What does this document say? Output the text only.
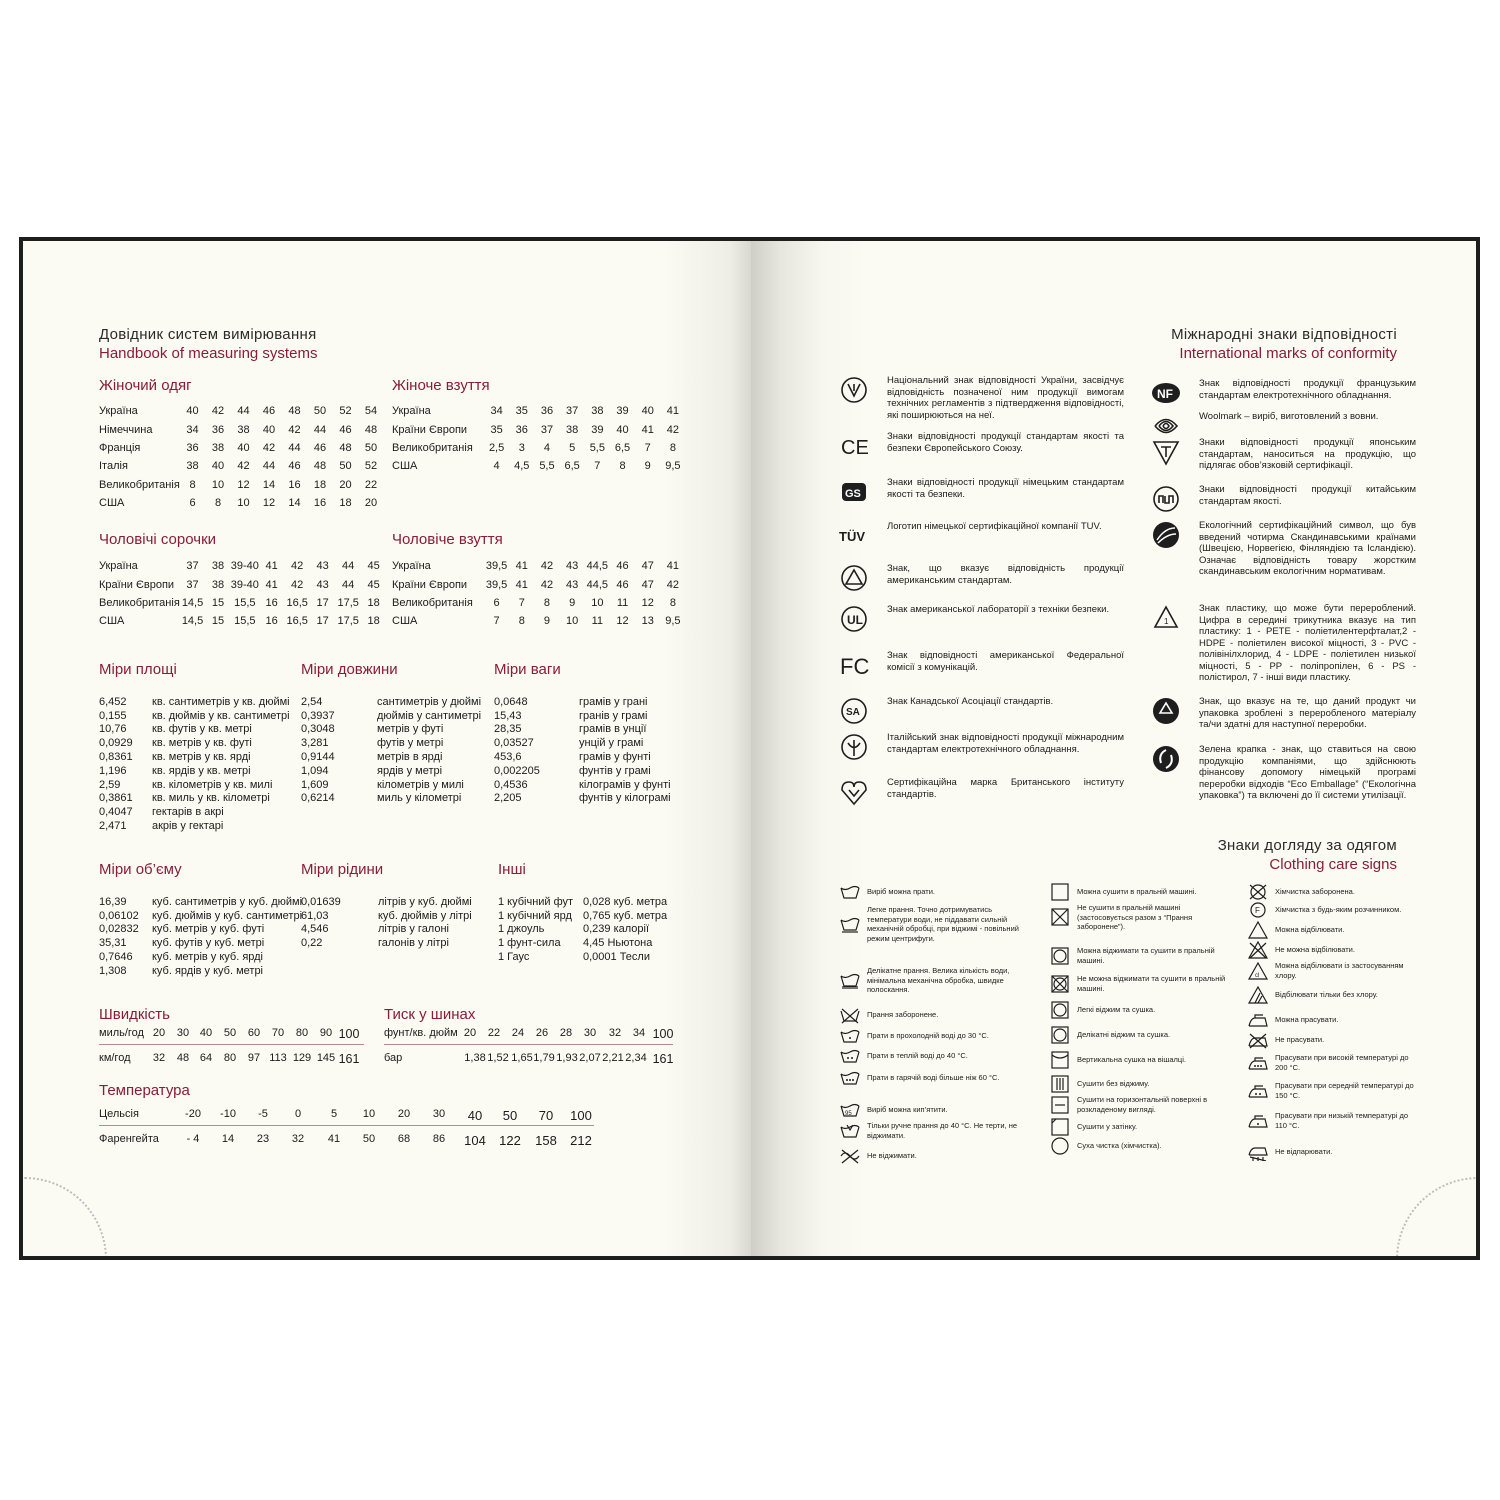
Довідник систем вимірювання
Handbook of measuring systems
Жіночий одяг
Україна	40	42	44	46	48	50	52	54
Німеччина	34	36	38	40	42	44	46	48
Франція	36	38	40	42	44	46	48	50
Італія	38	40	42	44	46	48	50	52
Великобританія	8	10	12	14	16	18	20	22
США	6	8	10	12	14	16	18	20
Жіноче взуття
Україна	34	35	36	37	38	39	40	41
Країни Європи	35	36	37	38	39	40	41	42
Великобританія	2,5	3	4	5	5,5	6,5	7	8
США	4	4,5	5,5	6,5	7	8	9	9,5
Чоловічі сорочки
Україна	37	38	39-40	41	42	43	44	45
Країни Європи	37	38	39-40	41	42	43	44	45
Великобританія	14,5	15	15,5	16	16,5	17	17,5	18
США	14,5	15	15,5	16	16,5	17	17,5	18
Чоловіче взуття
Україна	39,5	41	42	43	44,5	46	47	41
Країни Європи	39,5	41	42	43	44,5	46	47	42
Великобританія	6	7	8	9	10	11	12	8
США	7	8	9	10	11	12	13	9,5
Міри площі
6,452	кв. сантиметрів у кв. дюймі
0,155	кв. дюймів у кв. сантиметрі
10,76	кв. футів у кв. метрі
0,0929	кв. метрів у кв. футі
0,8361	кв. метрів у кв. ярді
1,196	кв. ярдів у кв. метрі
2,59	кв. кілометрів у кв. милі
0,3861	кв. миль у кв. кілометрі
0,4047	гектарів в акрі
2,471	акрів у гектарі
Міри довжини
2,54	сантиметрів у дюймі
0,3937	дюймів у сантиметрі
0,3048	метрів у футі
3,281	футів у метрі
0,9144	метрів в ярді
1,094	ярдів у метрі
1,609	кілометрів у милі
0,6214	миль у кілометрі
Міри ваги
0,0648	грамів у грані
15,43	гранів у грамі
28,35	грамів в унції
0,03527	унцій у грамі
453,6	грамів у фунті
0,002205	фунтів у грамі
0,4536	кілограмів у фунті
2,205	фунтів у кілограмі
Міри об’єму
16,39	куб. сантиметрів у куб. дюймі
0,06102	куб. дюймів у куб. сантиметрі
0,02832	куб. метрів у куб. футі
35,31	куб. футів у куб. метрі
0,7646	куб. метрів у куб. ярді
1,308	куб. ярдів у куб. метрі
Міри рідини
0,01639	літрів у куб. дюймі
61,03	куб. дюймів у літрі
4,546	літрів у галоні
0,22	галонів у літрі
Інші
1 кубічний фут	0,028 куб. метра
1 кубічний ярд	0,765 куб. метра
1 джоуль	0,239 калорії
1 фунт-сила	4,45 Ньютона
1 Гаус	0,0001 Тесли
Швидкість
миль/год 20	30 40	50	60	70	80	90 100
км/год	32	48 64	80	97 113 129 145 161
Тиск у шинах
фунт/кв. дюйм 20	22	24	26	28	30	32	34 100
бар	1,38 1,52 1,65 1,79 1,93 2,07 2,21 2,34 161
Температура
Цельсія	-20	-10	-5	0	5	10	20	30	40	50	70	100
Фаренгейта	- 4	14	23	32	41	50	68	86	104 122 158 212
Міжнародні знаки відповідності
International marks of conformity
Національний знак відповідності України, засвідчує відповідність позначеної ним продукції вимогам технічних регламентів з підтвердження відповідності, які поширюються на неї.
CE
Знаки відповідності продукції стандартам якості та безпеки Європейського Союзу.
GS
Знаки відповідності продукції німецьким стандартам якості та безпеки.
TÜV
Логотип німецької сертифікаційної компанії TUV.
Знак, що вказує відповідність продукції американським стандартам.
UL
Знак американської лабораторії з техніки безпеки.
FC Знак відповідності американської Федеральної комісії з комунікацій.
SA
Знак Канадської Асоціації стандартів.
Італійський знак відповідності продукції міжнародним стандартам електротехнічного обладнання.
Сертифікаційна марка Британського інституту стандартів.
NF
Знак відповідності продукції французьким стандартам електротехнічного обладнання.
Woolmark – виріб, виготовлений з вовни.
Знаки відповідності продукції японським стандартам, наноситься на продукцію, що підлягає обов’язковій сертифікації.
Знаки відповідності продукції китайським стандартам якості.
Екологічний сертифікаційний символ, що був введений чотирма Скандинавськими країнами (Швецією, Норвегією, Фінляндією та Ісландією). Означає відповідність товару жорстким скандинавським екологічним нормативам.
1
Знак пластику, що може бути перероблений. Цифра в середині трикутника вказує на тип пластику: 1 - PETE - поліетилентерфталат,2 - HDPE - поліетилен високої міцності, 3 - PVC - полівінілхлорид, 4 - LDPE - поліетилен низької міцності, 5 - PP - поліпропілен, 6 - PS - полістирол, 7 - інші види пластику.
Знак, що вказує на те, що даний продукт чи упаковка зроблені з переробленого матеріалу та/чи здатні для наступної переробки.
Зелена крапка - знак, що ставиться на свою продукцію компаніями, що здійснюють фінансову допомогу німецькій програмі переробки відходів “Eco Emballage” (“Екологічна упаковка”) та включені до її системи утилізації.
Знаки догляду за одягом
Clothing care signs
Виріб можна прати.
Легке прання. Точно дотримуватись температури води, не піддавати сильній механічній обробці, при віджимі - повільний режим центрифуги.
Делікатне прання. Велика кількість води, мінімальна механічна обробка, швидке полоскання.
Прання заборонене.
Прати в прохолодній воді до 30 °С.
Прати в теплій воді до 40 °С.
Прати в гарячій воді більше ніж 60 °С.
95 Виріб можна кип’ятити.
Тільки ручне прання до 40 °С. Не терти, не віджимати.
Не віджимати.
Можна сушити в пральній машині.
Не сушити в пральній машині (застосовується разом з “Прання заборонене”).
Можна віджимати та сушити в пральній машині.
Не можна віджимати та сушити в пральній машині.
Легкі віджим та сушка.
Делікатні віджим та сушка.
Вертикальна сушка на вішалці.
Сушити без віджиму.
Сушити на горизонтальній поверхні в розкладеному вигляді.
Сушити у затінку.
Суха чистка (хімчистка).
Хімчистка заборонена.
F Хімчистка з будь-яким розчинником.
Можна відбілювати.
Не можна відбілювати.
cl
Можна відбілювати із застосуванням хлору.
Відбілювати тільки без хлору.
Можна прасувати.
Не прасувати.
Прасувати при високій температурі до 200 °С.
Прасувати при середній температурі до 150 °С.
Прасувати при низькій температурі до 110 °С.
Не відпарювати.
